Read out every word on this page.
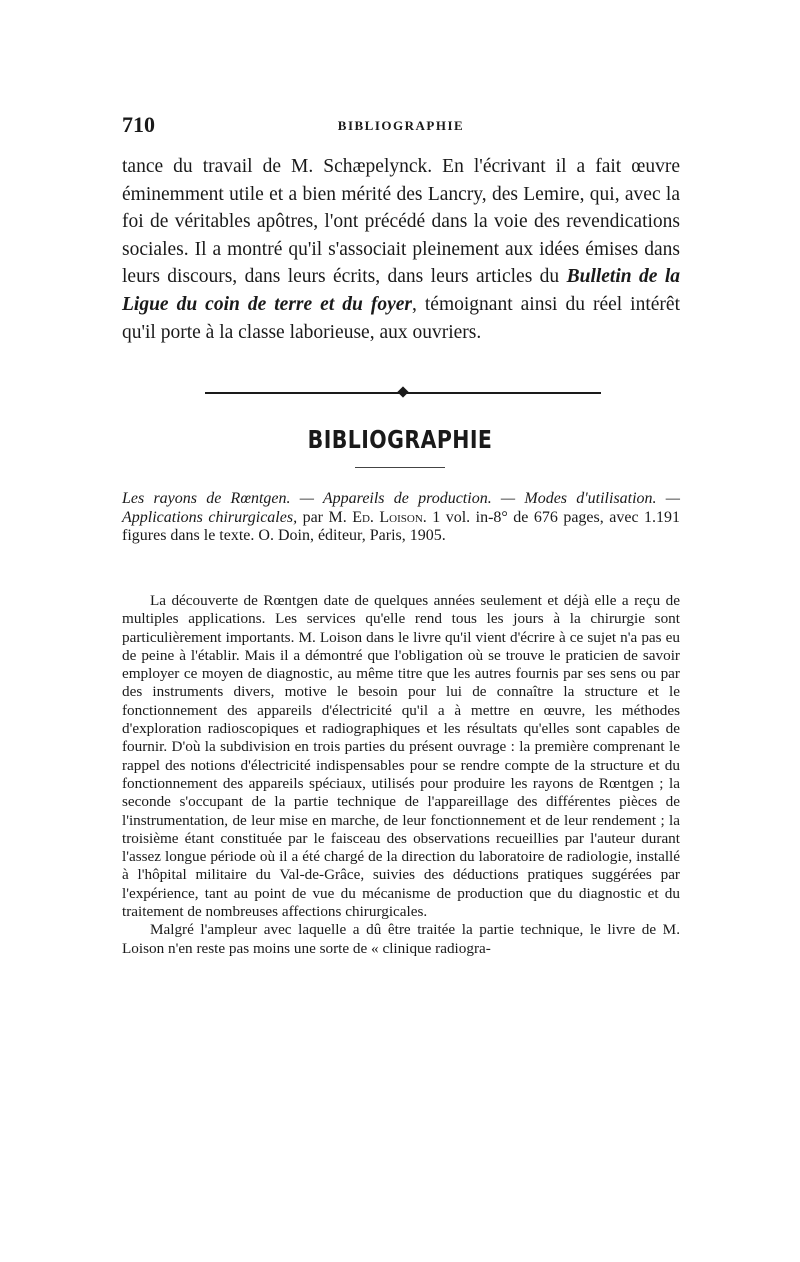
710	BIBLIOGRAPHIE

tance du travail de M. Schæpelynck. En l'écrivant il a fait œuvre éminemment utile et a bien mérité des Lancry, des Lemire, qui, avec la foi de véritables apôtres, l'ont précédé dans la voie des revendications sociales. Il a montré qu'il s'associait pleinement aux idées émises dans leurs discours, dans leurs écrits, dans leurs articles du Bulletin de la Ligue du coin de terre et du foyer, témoignant ainsi du réel intérêt qu'il porte à la classe laborieuse, aux ouvriers.

BIBLIOGRAPHIE

Les rayons de Rœntgen. — Appareils de production. — Modes d'utilisation. — Applications chirurgicales, par M. Ed. Loison. 1 vol. in-8° de 676 pages, avec 1.191 figures dans le texte. O. Doin, éditeur, Paris, 1905.

La découverte de Rœntgen date de quelques années seulement et déjà elle a reçu de multiples applications. Les services qu'elle rend tous les jours à la chirurgie sont particulièrement importants. M. Loison dans le livre qu'il vient d'écrire à ce sujet n'a pas eu de peine à l'établir. Mais il a démontré que l'obligation où se trouve le praticien de savoir employer ce moyen de diagnostic, au même titre que les autres fournis par ses sens ou par des instruments divers, motive le besoin pour lui de connaître la structure et le fonctionnement des appareils d'électricité qu'il a à mettre en œuvre, les méthodes d'exploration radioscopiques et radiographiques et les résultats qu'elles sont capables de fournir. D'où la subdivision en trois parties du présent ouvrage : la première comprenant le rappel des notions d'électricité indispensables pour se rendre compte de la structure et du fonctionnement des appareils spéciaux, utilisés pour produire les rayons de Rœntgen ; la seconde s'occupant de la partie technique de l'appareillage des différentes pièces de l'instrumentation, de leur mise en marche, de leur fonctionnement et de leur rendement ; la troisième étant constituée par le faisceau des observations recueillies par l'auteur durant l'assez longue période où il a été chargé de la direction du laboratoire de radiologie, installé à l'hôpital militaire du Val-de-Grâce, suivies des déductions pratiques suggérées par l'expérience, tant au point de vue du mécanisme de production que du diagnostic et du traitement de nombreuses affections chirurgicales.

Malgré l'ampleur avec laquelle a dû être traitée la partie technique, le livre de M. Loison n'en reste pas moins une sorte de « clinique radiogra-
